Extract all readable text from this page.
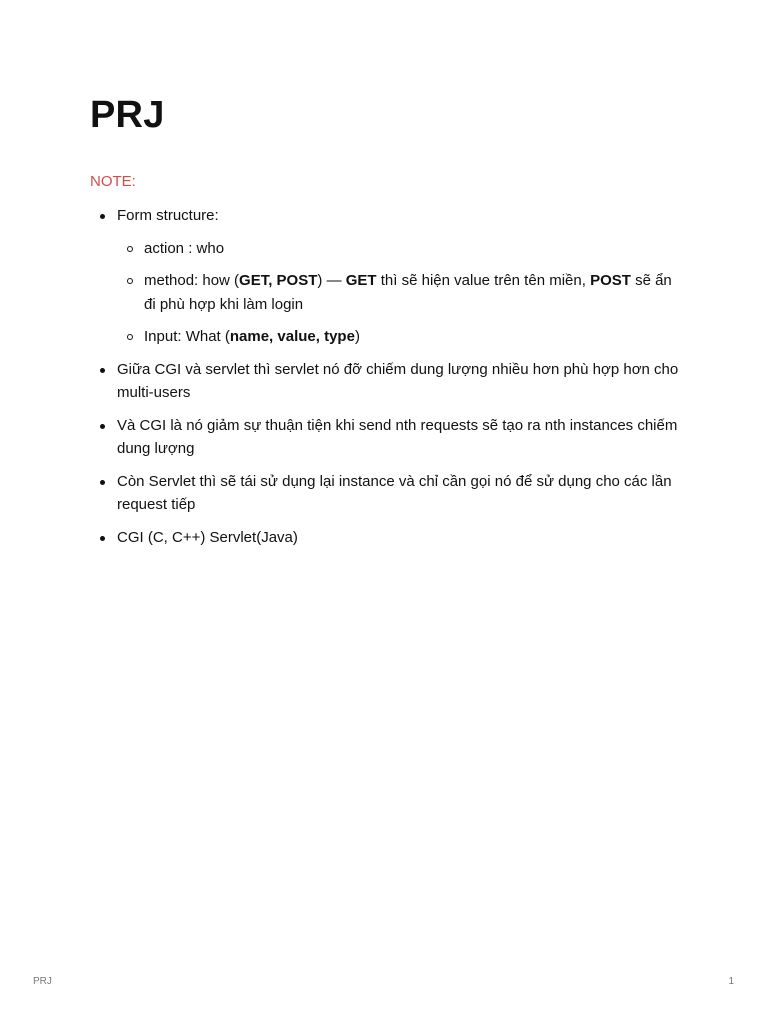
PRJ
NOTE:
Form structure:
action : who
method: how (GET, POST) — GET thì sẽ hiện value trên tên miền, POST sẽ ẩn đi phù hợp khi làm login
Input: What (name, value, type)
Giữa CGI và servlet thì servlet nó đỡ chiếm dung lượng nhiều hơn phù hợp hơn cho multi-users
Và CGI là nó giảm sự thuận tiện khi send nth requests sẽ tạo ra nth instances chiếm dung lượng
Còn Servlet thì sẽ tái sử dụng lại instance và chỉ cần gọi nó để sử dụng cho các lần request tiếp
CGI (C, C++) Servlet(Java)
PRJ	1
